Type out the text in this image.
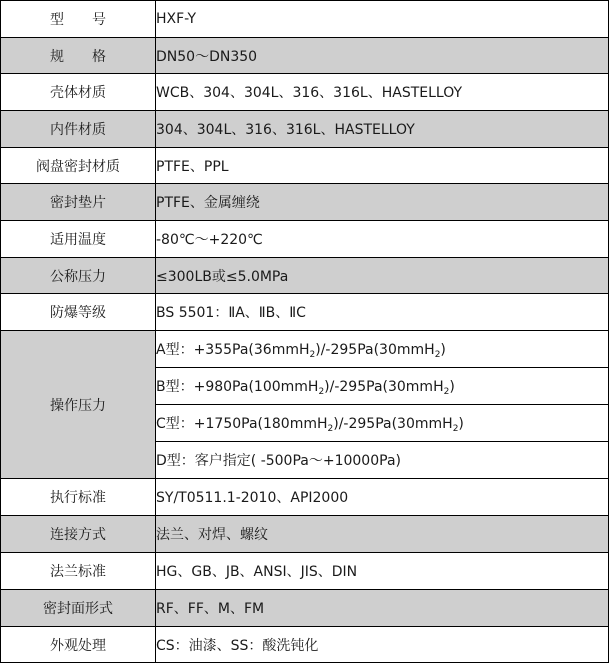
型　　号	HXF-Y
规　　格	DN50～DN350
壳体材质	WCB、304、304L、316、316L、HASTELLOY
内件材质	304、304L、316、316L、HASTELLOY
阀盘密封材质	PTFE、PPL
密封垫片	PTFE、金属缠绕
适用温度	-80℃～+220℃
公称压力	≤300LB或≤5.0MPa
防爆等级	BS 5501：ⅡA、ⅡB、ⅡC
操作压力	A型：+355Pa(36mmH$_2$)/-295Pa(30mmH$_2$)
	B型：+980Pa(100mmH$_2$)/-295Pa(30mmH$_2$)
	C型：+1750Pa(180mmH$_2$)/-295Pa(30mmH$_2$)
	D型：客户指定( -500Pa～+10000Pa)
执行标准	SY/T0511.1-2010、API2000
连接方式	法兰、对焊、螺纹
法兰标准	HG、GB、JB、ANSI、JIS、DIN
密封面形式	RF、FF、M、FM
外观处理	CS：油漆、SS：酸洗钝化
